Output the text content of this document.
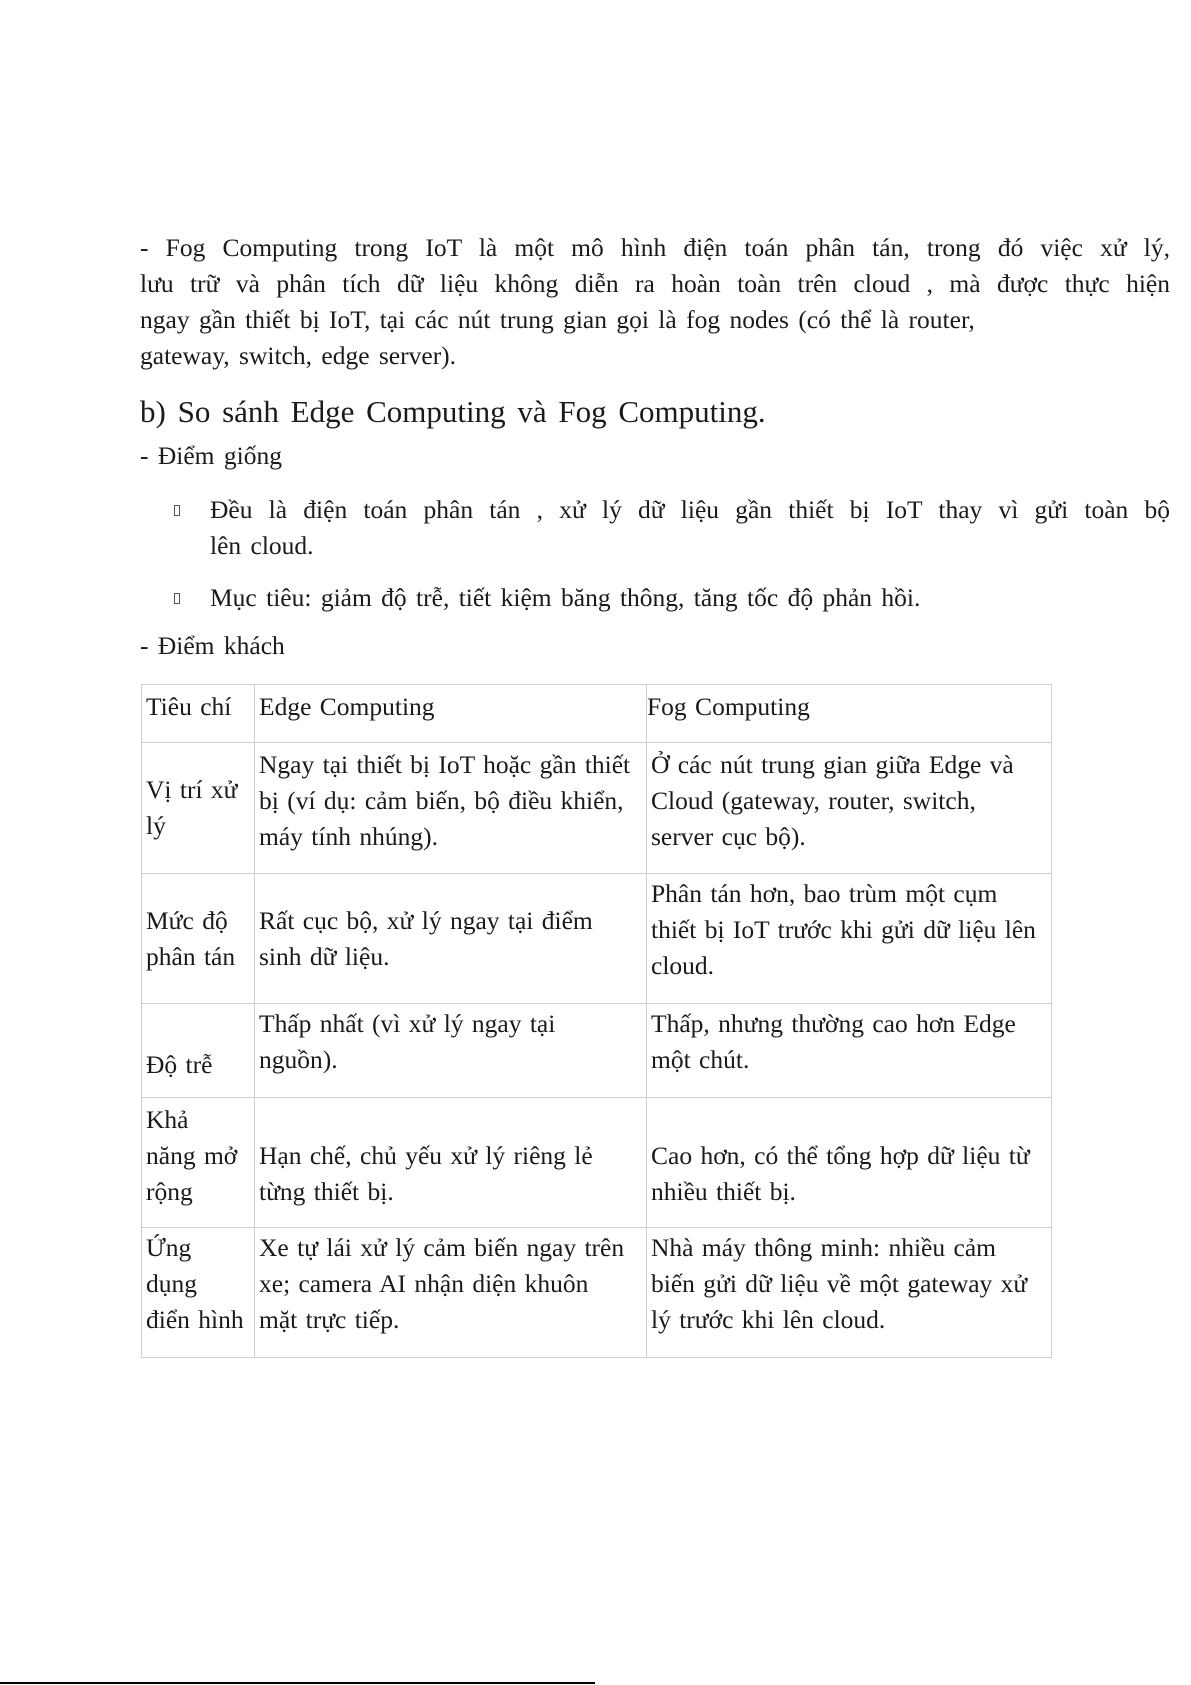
- Fog Computing trong IoT là một mô hình điện toán phân tán, trong đó việc xử lý,
lưu trữ và phân tích dữ liệu không diễn ra hoàn toàn trên cloud , mà được thực hiện
ngay gần thiết bị IoT, tại các nút trung gian gọi là fog nodes (có thể là router,
gateway, switch, edge server).
b) So sánh Edge Computing và Fog Computing.
- Điểm giống
Đều là điện toán phân tán , xử lý dữ liệu gần thiết bị IoT thay vì gửi toàn bộ
lên cloud.
Mục tiêu: giảm độ trễ, tiết kiệm băng thông, tăng tốc độ phản hồi.
- Điểm khách
Tiêu chí	Edge Computing	Fog Computing

Vị trí xử
lý	Ngay tại thiết bị IoT hoặc gần thiết
bị (ví dụ: cảm biến, bộ điều khiển,
máy tính nhúng).	Ở các nút trung gian giữa Edge và
Cloud (gateway, router, switch,
server cục bộ).

Mức độ
phân tán	Rất cục bộ, xử lý ngay tại điểm
sinh dữ liệu.	Phân tán hơn, bao trùm một cụm
thiết bị IoT trước khi gửi dữ liệu lên
cloud.

Độ trễ	Thấp nhất (vì xử lý ngay tại
nguồn).	Thấp, nhưng thường cao hơn Edge
một chút.

Khả
năng mở
rộng	Hạn chế, chủ yếu xử lý riêng lẻ
từng thiết bị.	Cao hơn, có thể tổng hợp dữ liệu từ
nhiều thiết bị.

Ứng
dụng
điển hình	Xe tự lái xử lý cảm biến ngay trên
xe; camera AI nhận diện khuôn
mặt trực tiếp.	Nhà máy thông minh: nhiều cảm
biến gửi dữ liệu về một gateway xử
lý trước khi lên cloud.
